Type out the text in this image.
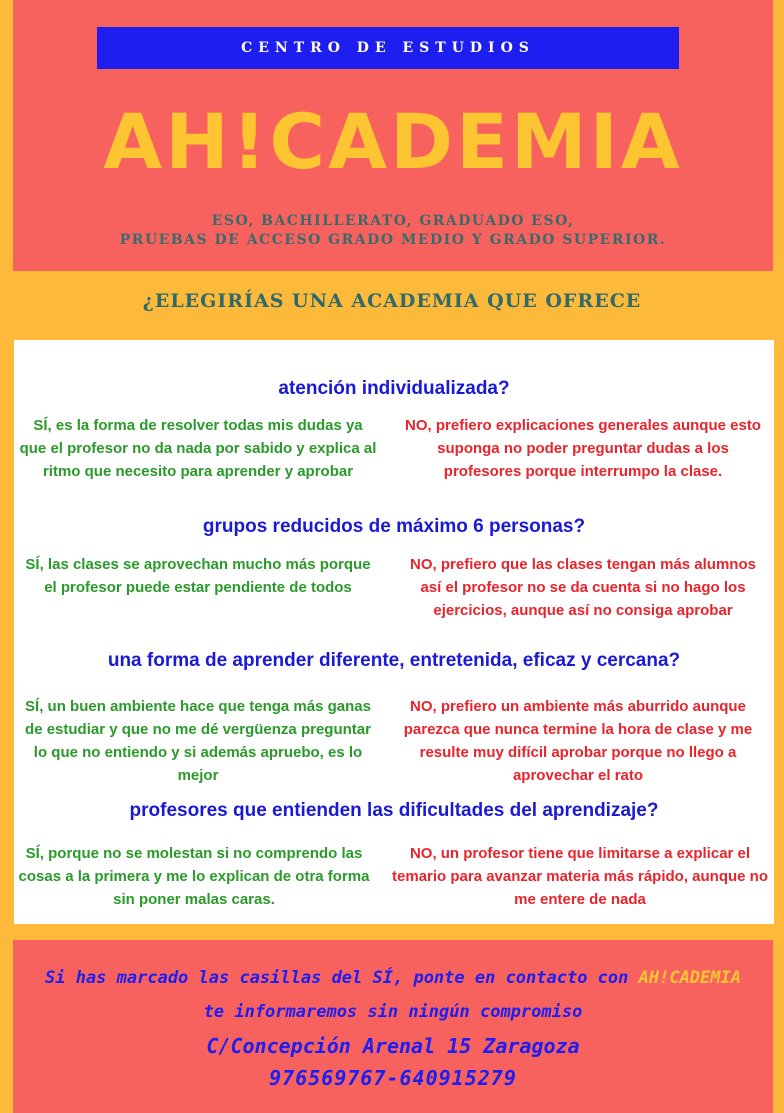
CENTRO DE ESTUDIOS
AH!CADEMIA
ESO, BACHILLERATO, GRADUADO ESO,
PRUEBAS DE ACCESO GRADO MEDIO Y GRADO SUPERIOR.
¿ELEGIRÍAS UNA ACADEMIA QUE OFRECE
atención individualizada?
SÍ, es la forma de resolver todas mis dudas ya que el profesor no da nada por sabido y explica al ritmo que necesito para aprender y aprobar
NO, prefiero explicaciones generales aunque esto suponga no poder preguntar dudas a los profesores porque interrumpo la clase.
grupos reducidos de máximo 6 personas?
SÍ, las clases se aprovechan mucho más porque el profesor puede estar pendiente de todos
NO, prefiero que las clases tengan más alumnos así el profesor no se da cuenta si no hago los ejercicios, aunque así no consiga aprobar
una forma de aprender diferente, entretenida, eficaz y cercana?
SÍ, un buen ambiente hace que tenga más ganas de estudiar y que no me dé vergüenza preguntar lo que no entiendo y si además apruebo, es lo mejor
NO, prefiero un ambiente más aburrido aunque parezca que nunca termine la hora de clase y me resulte muy difícil aprobar porque no llego a aprovechar el rato
profesores que entienden las dificultades del aprendizaje?
SÍ, porque no se molestan si no comprendo las cosas a la primera y me lo explican de otra forma sin poner malas caras.
NO, un profesor tiene que limitarse a explicar el temario para avanzar materia más rápido, aunque no me entere de nada
Si has marcado las casillas del SÍ, ponte en contacto con AH!CADEMIA
te informaremos sin ningún compromiso
C/Concepción Arenal 15 Zaragoza
976569767-640915279
